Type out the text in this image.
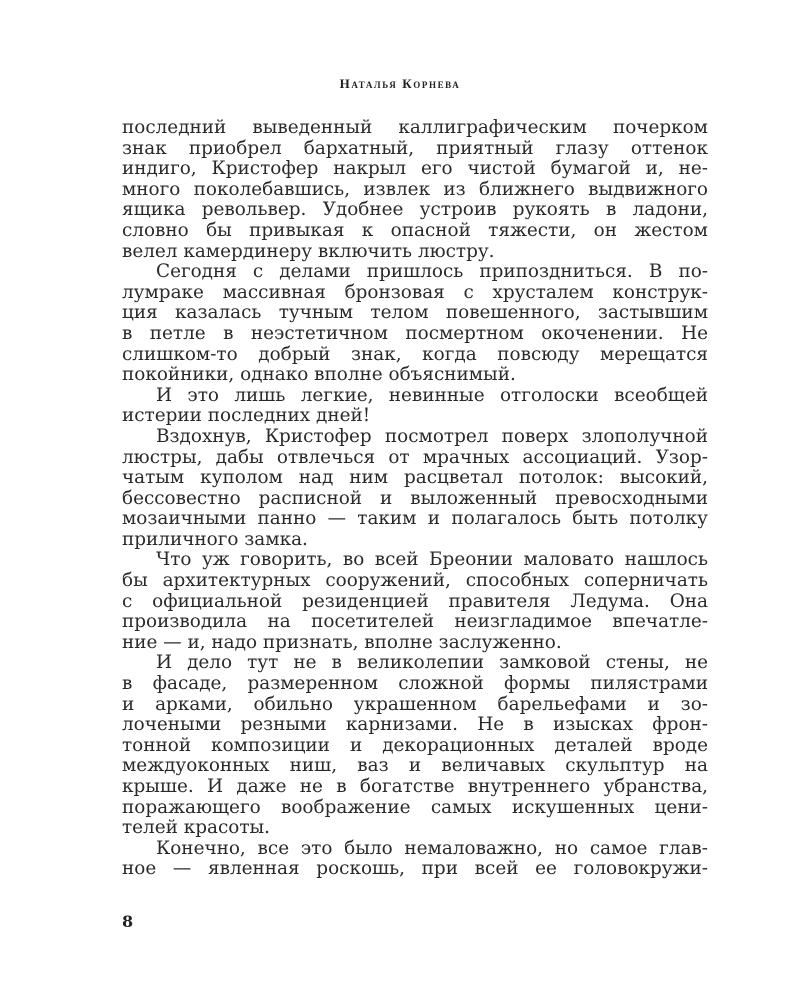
Наталья Корнева
последний выведенный каллиграфическим почерком
знак приобрел бархатный, приятный глазу оттенок
индиго, Кристофер накрыл его чистой бумагой и, не-
много поколебавшись, извлек из ближнего выдвижного
ящика револьвер. Удобнее устроив рукоять в ладони,
словно бы привыкая к опасной тяжести, он жестом
велел камердинеру включить люстру.
Сегодня с делами пришлось припоздниться. В по-
лумраке массивная бронзовая с хрусталем конструк-
ция казалась тучным телом повешенного, застывшим
в петле в неэстетичном посмертном окоченении. Не
слишком-то добрый знак, когда повсюду мерещатся
покойники, однако вполне объяснимый.
И это лишь легкие, невинные отголоски всеобщей
истерии последних дней!
Вздохнув, Кристофер посмотрел поверх злополучной
люстры, дабы отвлечься от мрачных ассоциаций. Узор-
чатым куполом над ним расцветал потолок: высокий,
бессовестно расписной и выложенный превосходными
мозаичными панно — таким и полагалось быть потолку
приличного замка.
Что уж говорить, во всей Бреонии маловато нашлось
бы архитектурных сооружений, способных соперничать
с официальной резиденцией правителя Ледума. Она
производила на посетителей неизгладимое впечатле-
ние — и, надо признать, вполне заслуженно.
И дело тут не в великолепии замковой стены, не
в фасаде, размеренном сложной формы пилястрами
и арками, обильно украшенном барельефами и зо-
лочеными резными карнизами. Не в изысках фрон-
тонной композиции и декорационных деталей вроде
междуоконных ниш, ваз и величавых скульптур на
крыше. И даже не в богатстве внутреннего убранства,
поражающего воображение самых искушенных цени-
телей красоты.
Конечно, все это было немаловажно, но самое глав-
ное — явленная роскошь, при всей ее головокружи-
8
